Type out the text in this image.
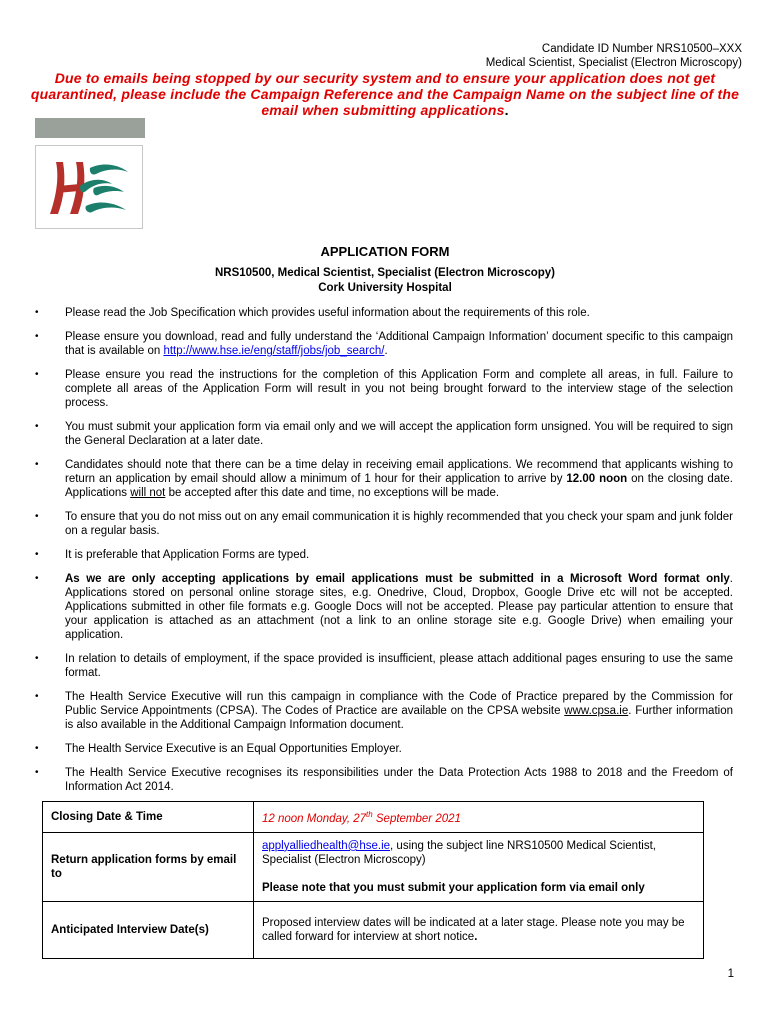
Candidate ID Number NRS10500–XXX
Medical Scientist, Specialist (Electron Microscopy)
Due to emails being stopped by our security system and to ensure your application does not get quarantined, please include the Campaign Reference and the Campaign Name on the subject line of the email when submitting applications.
APPLICATION FORM
NRS10500, Medical Scientist, Specialist (Electron Microscopy)
Cork University Hospital
• Please read the Job Specification which provides useful information about the requirements of this role.
• Please ensure you download, read and fully understand the ‘Additional Campaign Information’ document specific to this campaign that is available on http://www.hse.ie/eng/staff/jobs/job_search/.
• Please ensure you read the instructions for the completion of this Application Form and complete all areas, in full. Failure to complete all areas of the Application Form will result in you not being brought forward to the interview stage of the selection process.
• You must submit your application form via email only and we will accept the application form unsigned. You will be required to sign the General Declaration at a later date.
• Candidates should note that there can be a time delay in receiving email applications. We recommend that applicants wishing to return an application by email should allow a minimum of 1 hour for their application to arrive by 12.00 noon on the closing date. Applications will not be accepted after this date and time, no exceptions will be made.
• To ensure that you do not miss out on any email communication it is highly recommended that you check your spam and junk folder on a regular basis.
• It is preferable that Application Forms are typed.
• As we are only accepting applications by email applications must be submitted in a Microsoft Word format only. Applications stored on personal online storage sites, e.g. Onedrive, Cloud, Dropbox, Google Drive etc will not be accepted. Applications submitted in other file formats e.g. Google Docs will not be accepted. Please pay particular attention to ensure that your application is attached as an attachment (not a link to an online storage site e.g. Google Drive) when emailing your application.
• In relation to details of employment, if the space provided is insufficient, please attach additional pages ensuring to use the same format.
• The Health Service Executive will run this campaign in compliance with the Code of Practice prepared by the Commission for Public Service Appointments (CPSA). The Codes of Practice are available on the CPSA website www.cpsa.ie. Further information is also available in the Additional Campaign Information document.
• The Health Service Executive is an Equal Opportunities Employer.
• The Health Service Executive recognises its responsibilities under the Data Protection Acts 1988 to 2018 and the Freedom of Information Act 2014.
Closing Date & Time	12 noon Monday, 27th September 2021
Return application forms by email to	applyalliedhealth@hse.ie, using the subject line NRS10500 Medical Scientist, Specialist (Electron Microscopy)
Please note that you must submit your application form via email only
Anticipated Interview Date(s)	Proposed interview dates will be indicated at a later stage. Please note you may be called forward for interview at short notice.
1
